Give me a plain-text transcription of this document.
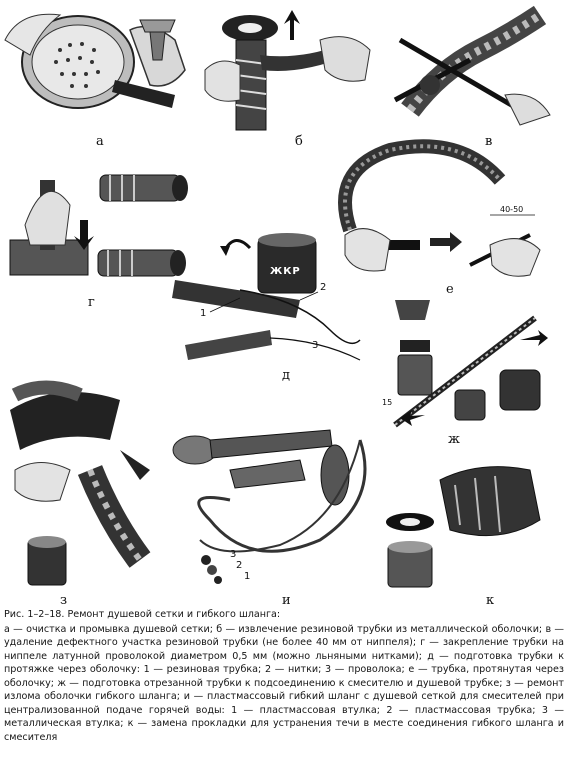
а	б	в
г
д
е
ж
з	и	к
1
2
3
3
2
1
ЖКР
40-50
15

Рис. 1–2–18. Ремонт душевой сетки и гибкого шланга:
а — очистка и промывка душевой сетки; б — извлечение резиновой трубки из металлической оболочки; в — удаление дефектного участка резиновой трубки (не более 40 мм от ниппеля); г — закрепление трубки на ниппеле латунной проволокой диаметром 0,5 мм (можно льняными нитками); д — подготовка трубки к протяжке через оболочку: 1 — резиновая трубка; 2 — нитки; 3 — проволока; е — трубка, протянутая через оболочку; ж — подготовка отрезанной трубки к подсоединению к смесителю и душевой трубке; з — ремонт излома оболочки гибкого шланга; и — пластмассовый гибкий шланг с душевой сеткой для смесителей при централизованной подаче горячей воды: 1 — пластмассовая втулка; 2 — пластмассовая трубка; 3 — металлическая втулка; к — замена прокладки для устранения течи в месте соединения гибкого шланга и смесителя
